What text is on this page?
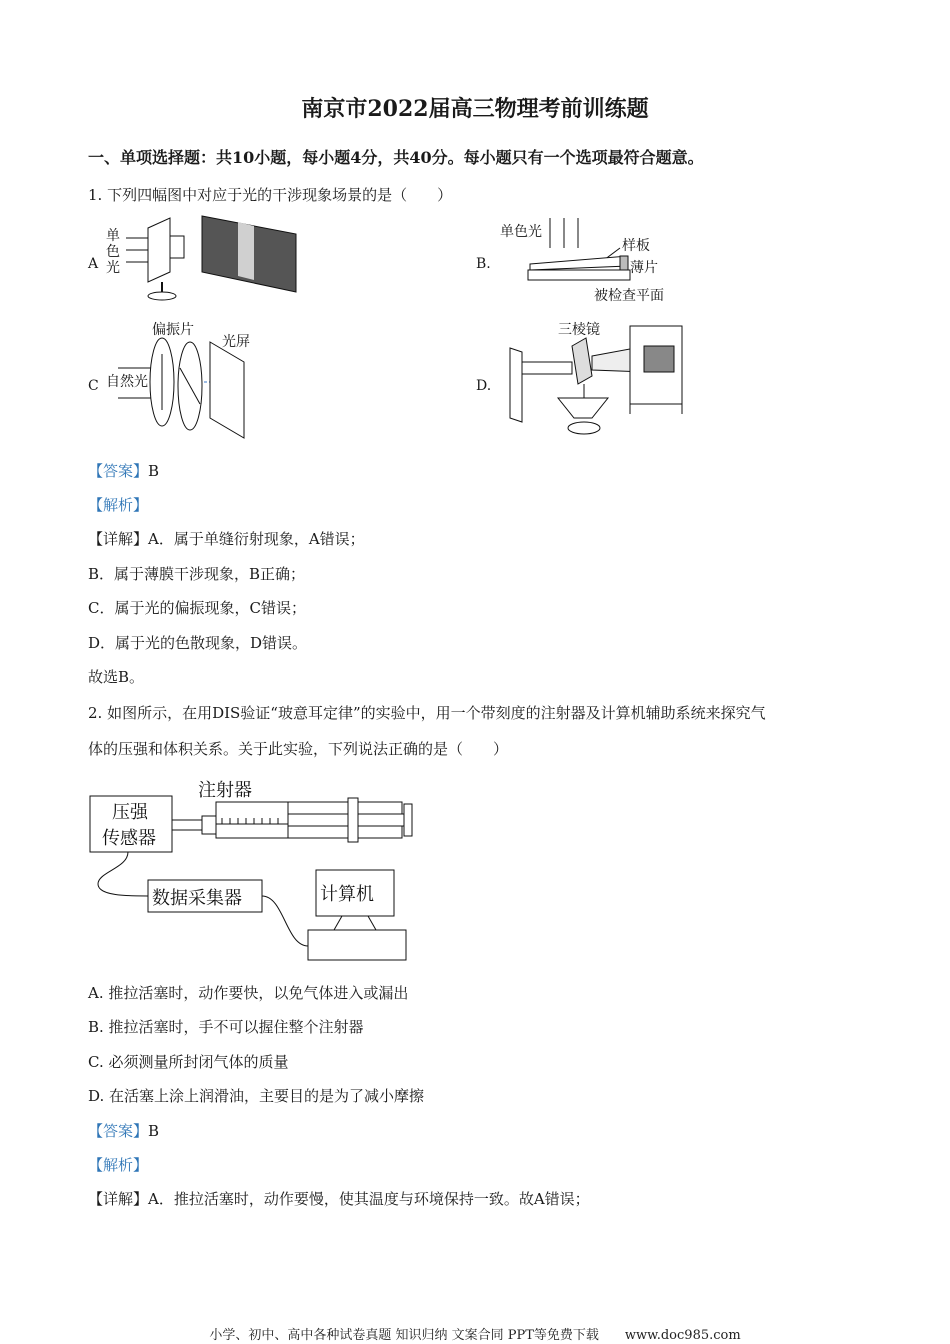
南京市2022届高三物理考前训练题
一、单项选择题：共10小题，每小题4分，共40分。每小题只有一个选项最符合题意。
1. 下列四幅图中对应于光的干涉现象场景的是（　　）
A
单
色
光	B.
单色光
样板
薄片
被检查平面
C
偏振片
光屏
自然光	D.
三棱镜
【答案】B
【解析】
【详解】A．属于单缝衍射现象，A错误；
B．属于薄膜干涉现象，B正确；
C．属于光的偏振现象，C错误；
D．属于光的色散现象，D错误。
故选B。
2. 如图所示，在用DIS验证“玻意耳定律”的实验中，用一个带刻度的注射器及计算机辅助系统来探究气
体的压强和体积关系。关于此实验，下列说法正确的是（　　）
注射器
压强
传感器
数据采集器	计算机
A. 推拉活塞时，动作要快，以免气体进入或漏出
B. 推拉活塞时，手不可以握住整个注射器
C. 必须测量所封闭气体的质量
D. 在活塞上涂上润滑油，主要目的是为了减小摩擦
【答案】B
【解析】
【详解】A．推拉活塞时，动作要慢，使其温度与环境保持一致。故A错误；
小学、初中、高中各种试卷真题 知识归纳 文案合同 PPT等免费下载　　www.doc985.com
